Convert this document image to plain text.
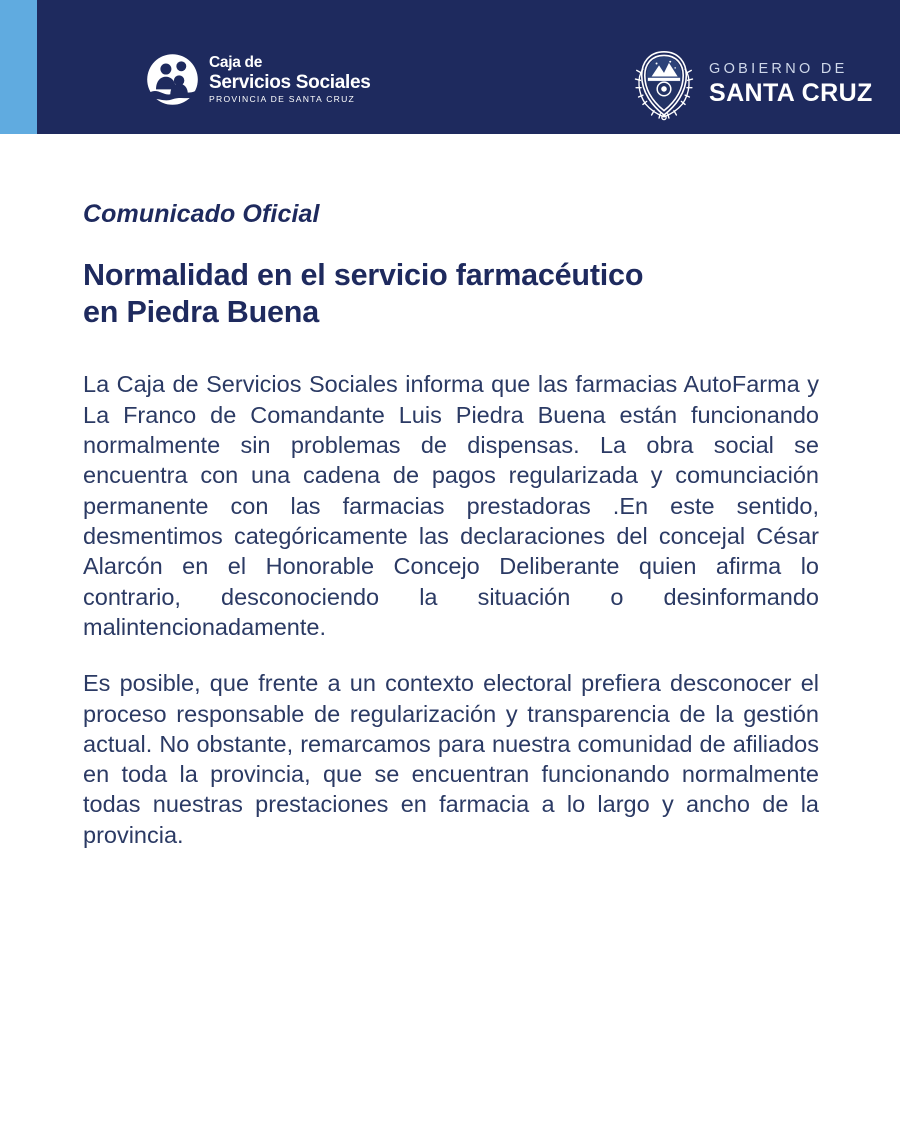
Caja de
Servicios Sociales
PROVINCIA DE SANTA CRUZ
GOBIERNO DE
SANTA CRUZ
Comunicado Oficial
Normalidad en el servicio farmacéutico
en Piedra Buena

La Caja de Servicios Sociales informa que las farmacias AutoFarma y La Franco de Comandante Luis Piedra Buena están funcionando normalmente sin problemas de dispensas. La obra social se encuentra con una cadena de pagos regularizada y comunciación permanente con las farmacias prestadoras .En este sentido, desmentimos categóricamente las declaraciones del concejal César Alarcón en el Honorable Concejo Deliberante quien afirma lo contrario, desconociendo la situación o desinformando malintencionadamente.

Es posible, que frente a un contexto electoral prefiera desconocer el proceso responsable de regularización y transparencia de la gestión actual. No obstante, remarcamos para nuestra comunidad de afiliados en toda la provincia, que se encuentran funcionando normalmente todas nuestras prestaciones en farmacia a lo largo y ancho de la provincia.
